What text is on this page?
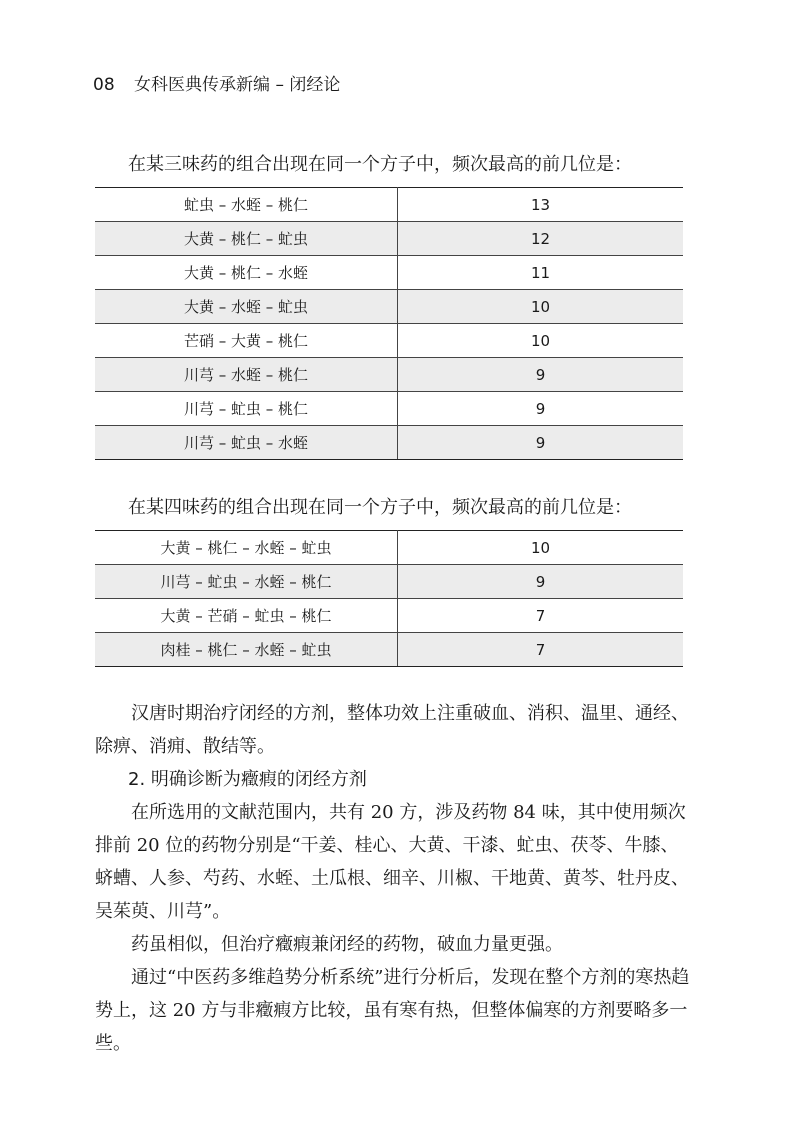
08 女科医典传承新编 – 闭经论
在某三味药的组合出现在同一个方子中，频次最高的前几位是：
虻虫 – 水蛭 – 桃仁	13
大黄 – 桃仁 – 虻虫	12
大黄 – 桃仁 – 水蛭	11
大黄 – 水蛭 – 虻虫	10
芒硝 – 大黄 – 桃仁	10
川芎 – 水蛭 – 桃仁	9
川芎 – 虻虫 – 桃仁	9
川芎 – 虻虫 – 水蛭	9
在某四味药的组合出现在同一个方子中，频次最高的前几位是：
大黄 – 桃仁 – 水蛭 – 虻虫	10
川芎 – 虻虫 – 水蛭 – 桃仁	9
大黄 – 芒硝 – 虻虫 – 桃仁	7
肉桂 – 桃仁 – 水蛭 – 虻虫	7

汉唐时期治疗闭经的方剂，整体功效上注重破血、消积、温里、通经、除痹、消痈、散结等。

2. 明确诊断为癥瘕的闭经方剂

在所选用的文献范围内，共有 20 方，涉及药物 84 味，其中使用频次排前 20 位的药物分别是“干姜、桂心、大黄、干漆、虻虫、茯苓、牛膝、蛴螬、人参、芍药、水蛭、土瓜根、细辛、川椒、干地黄、黄芩、牡丹皮、吴茱萸、川芎”。

药虽相似，但治疗癥瘕兼闭经的药物，破血力量更强。

通过“中医药多维趋势分析系统”进行分析后，发现在整个方剂的寒热趋势上，这 20 方与非癥瘕方比较，虽有寒有热，但整体偏寒的方剂要略多一些。
